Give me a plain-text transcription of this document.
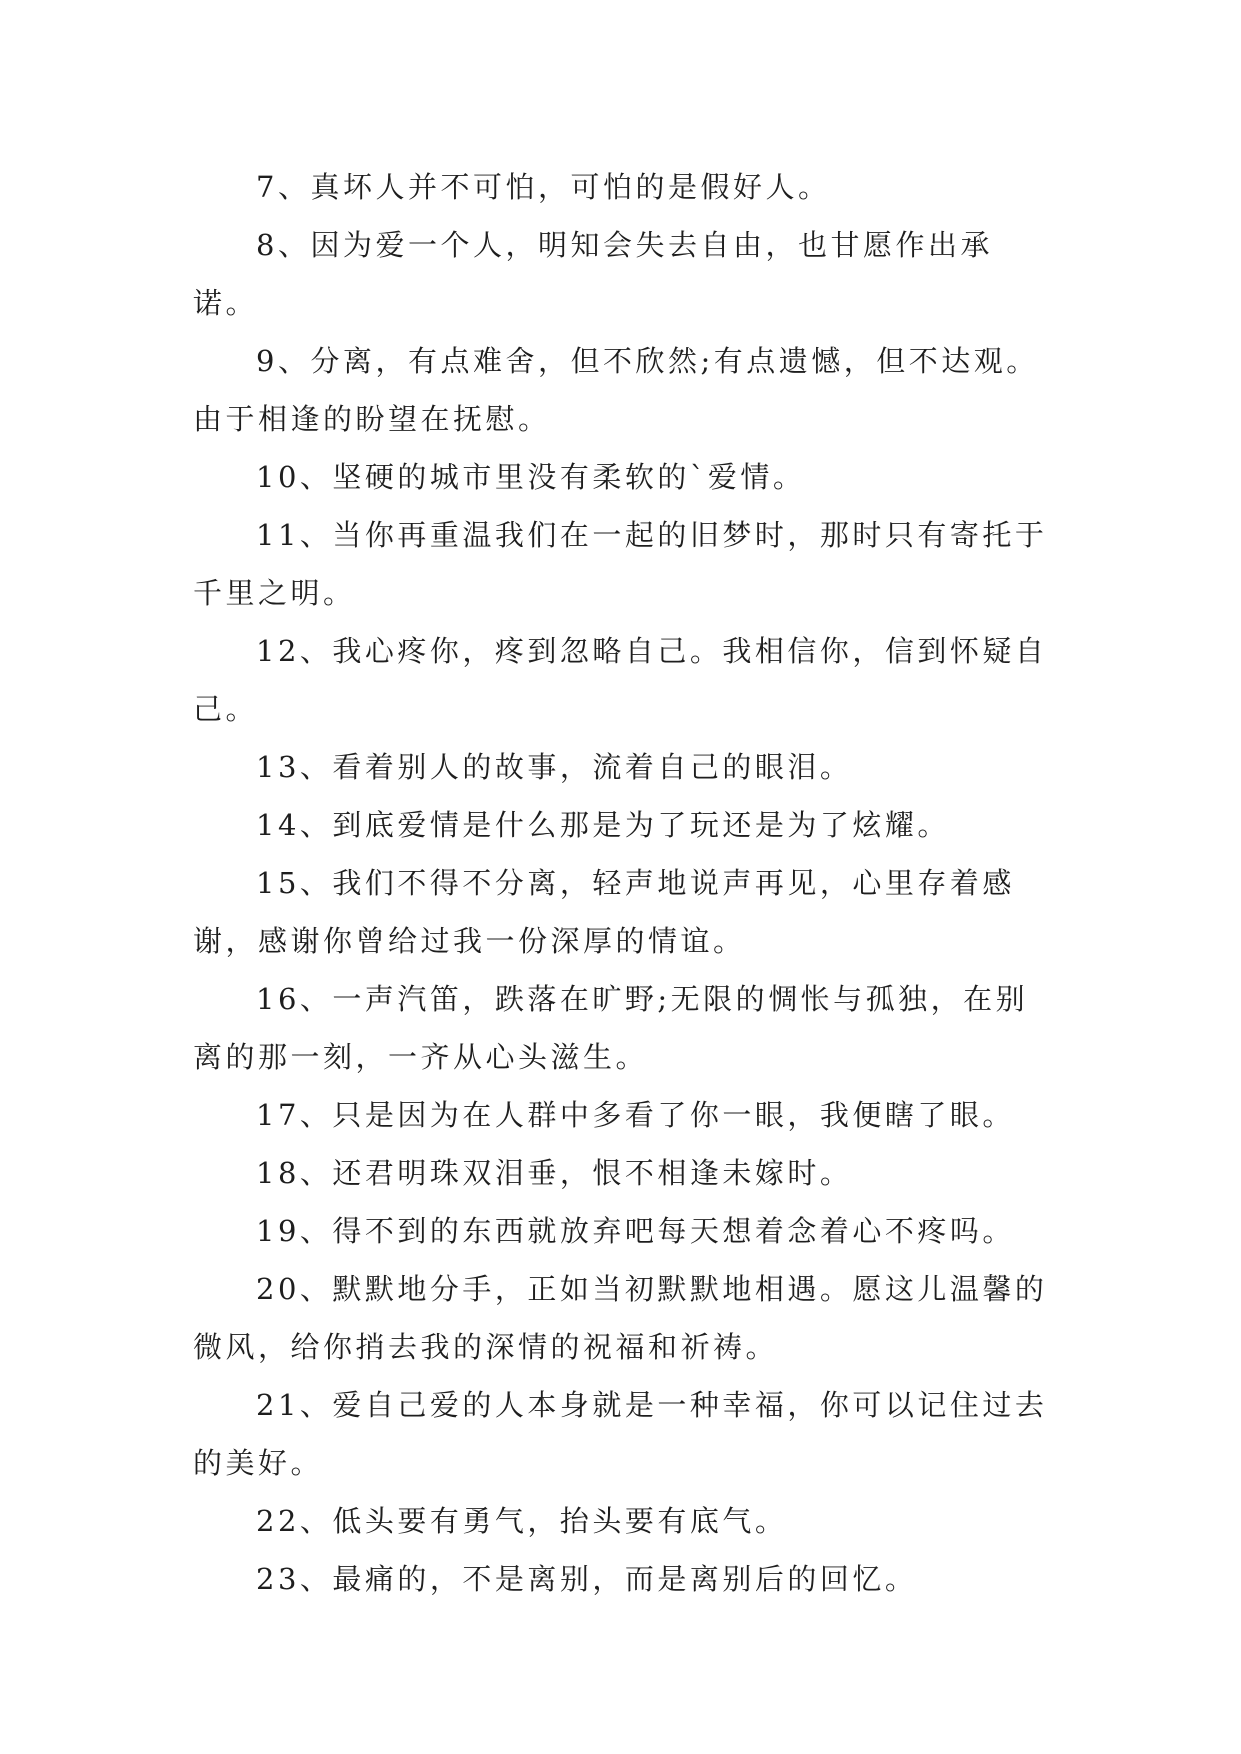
7、真坏人并不可怕，可怕的是假好人。

8、因为爱一个人，明知会失去自由，也甘愿作出承诺。

9、分离，有点难舍，但不欣然;有点遗憾，但不达观。由于相逢的盼望在抚慰。

10、坚硬的城市里没有柔软的`爱情。

11、当你再重温我们在一起的旧梦时，那时只有寄托于千里之明。

12、我心疼你，疼到忽略自己。我相信你，信到怀疑自己。

13、看着别人的故事，流着自己的眼泪。

14、到底爱情是什么那是为了玩还是为了炫耀。

15、我们不得不分离，轻声地说声再见，心里存着感谢，感谢你曾给过我一份深厚的情谊。

16、一声汽笛，跌落在旷野;无限的惆怅与孤独，在别离的那一刻，一齐从心头滋生。

17、只是因为在人群中多看了你一眼，我便瞎了眼。

18、还君明珠双泪垂，恨不相逢未嫁时。

19、得不到的东西就放弃吧每天想着念着心不疼吗。

20、默默地分手，正如当初默默地相遇。愿这儿温馨的微风，给你捎去我的深情的祝福和祈祷。

21、爱自己爱的人本身就是一种幸福，你可以记住过去的美好。

22、低头要有勇气，抬头要有底气。

23、最痛的，不是离别，而是离别后的回忆。
